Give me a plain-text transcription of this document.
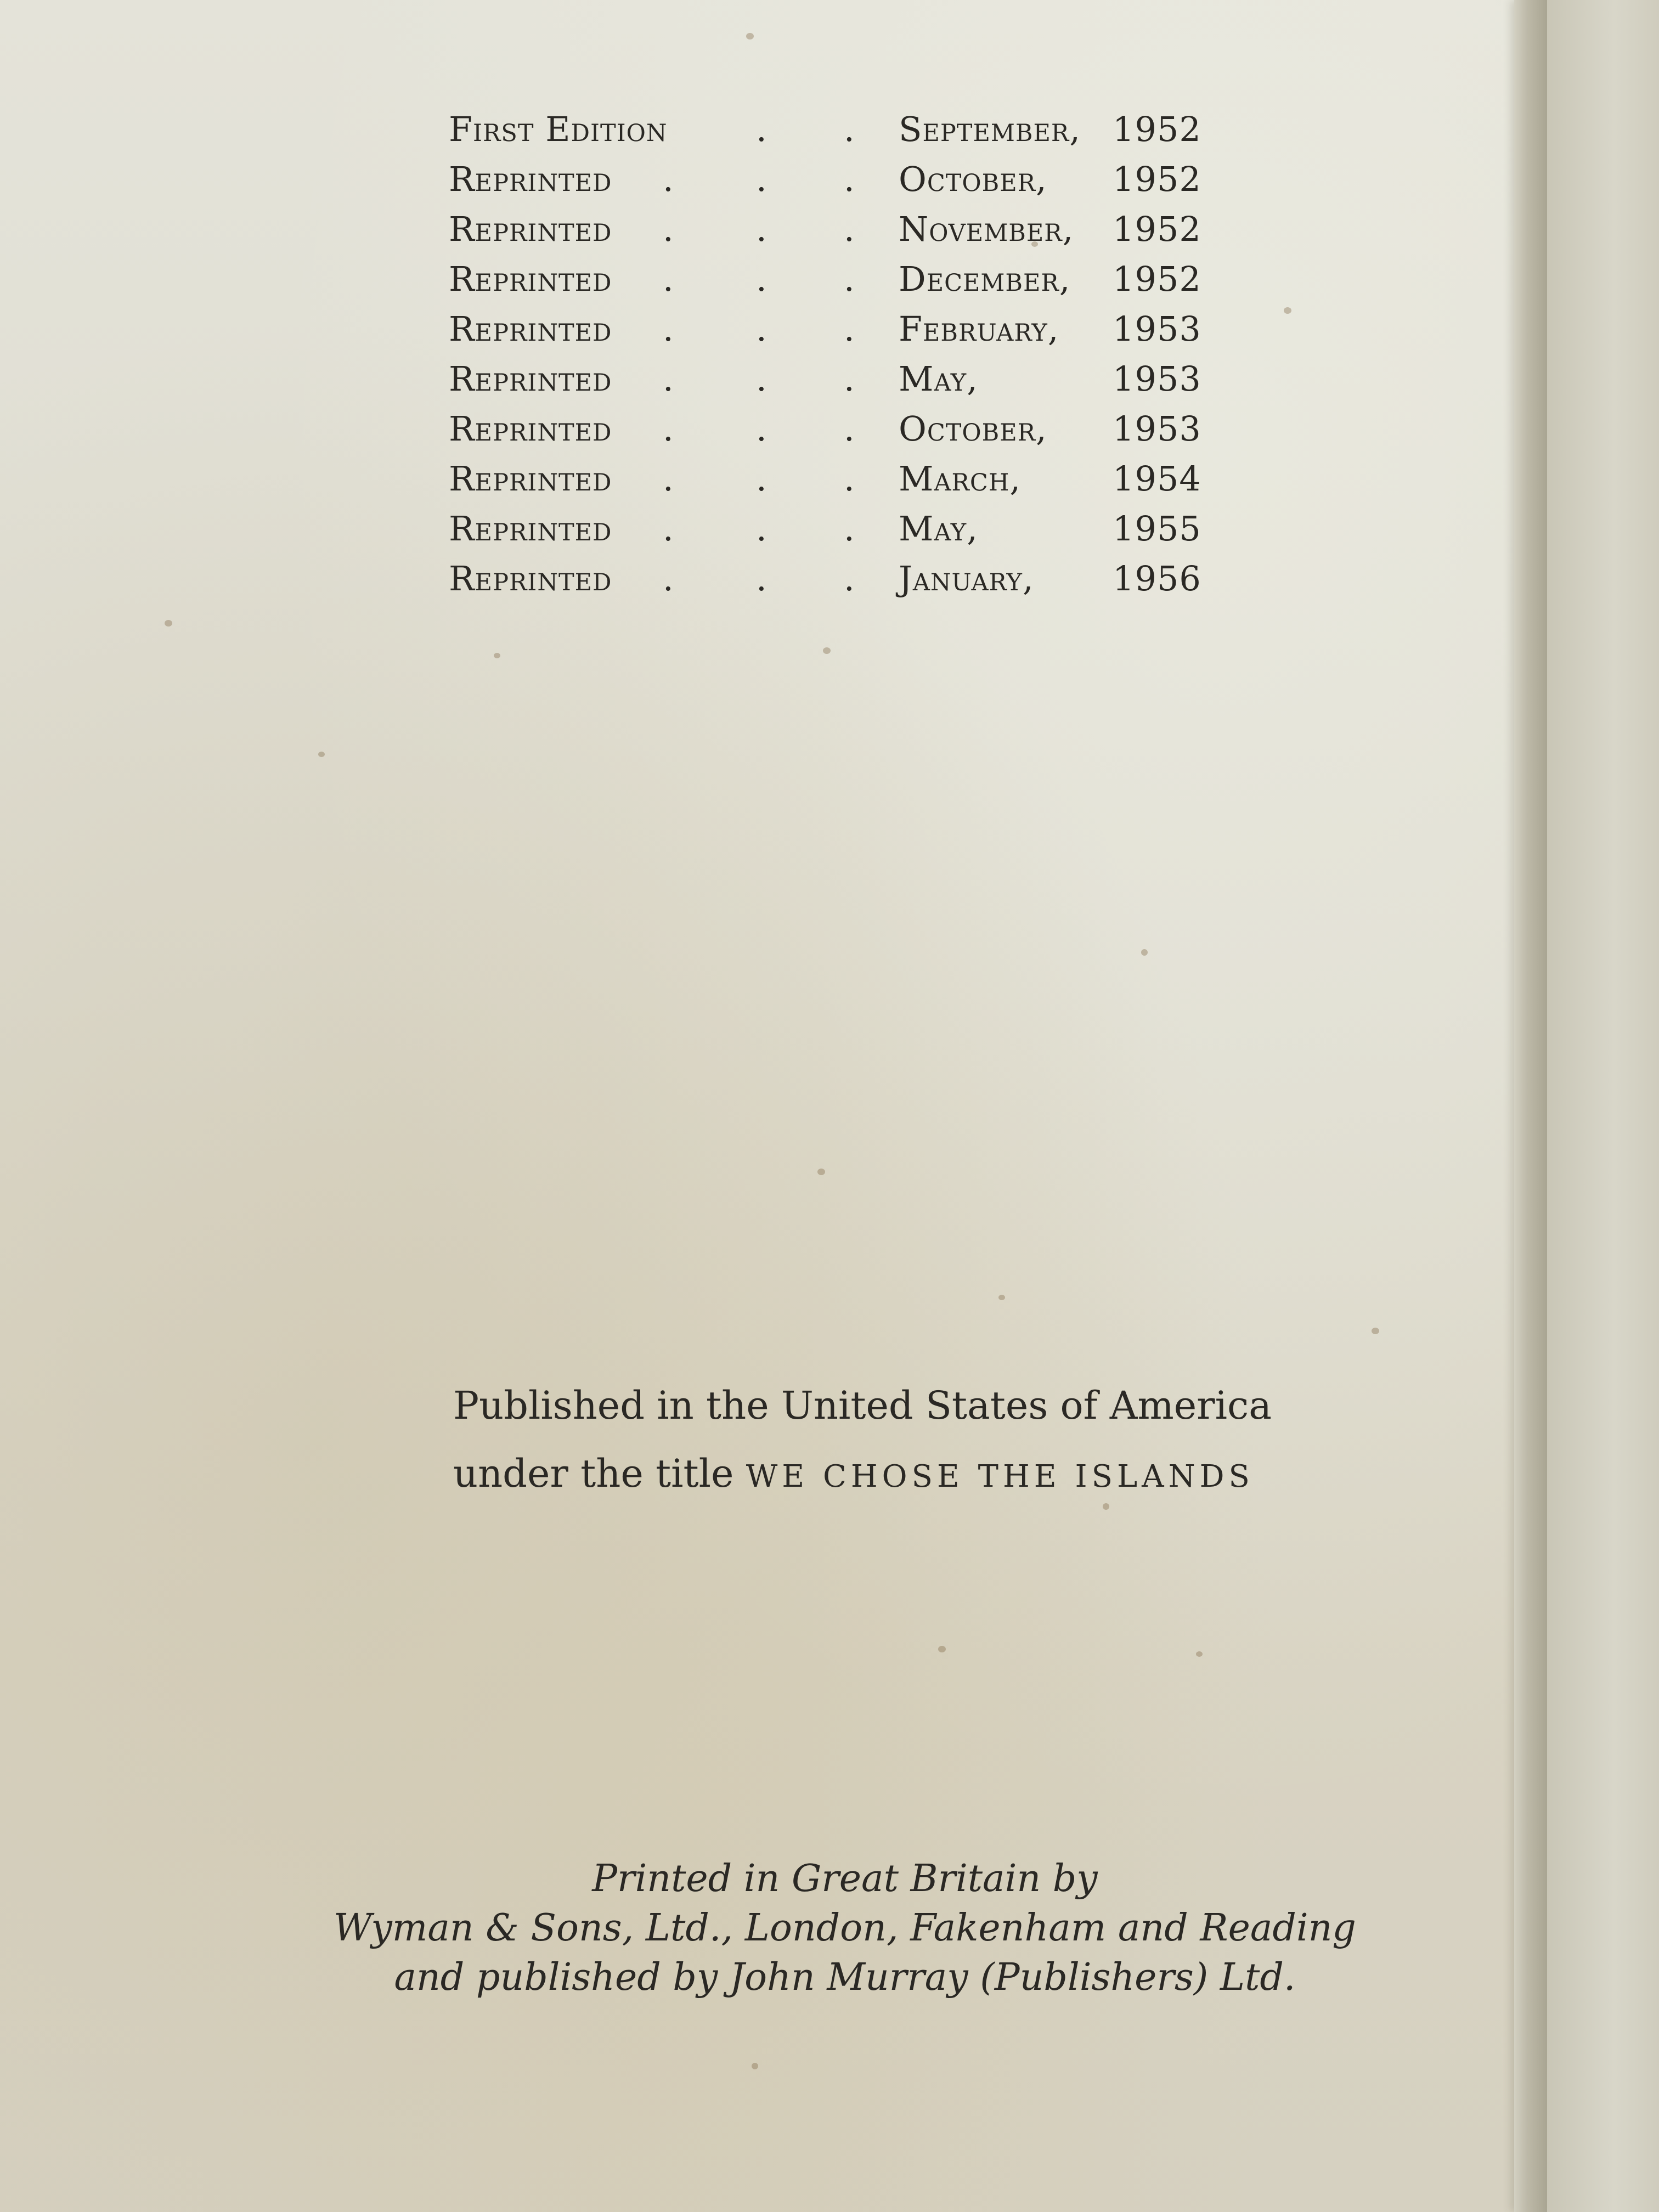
First Edition	. . September, 1952
Reprinted . . . October, 1952
Reprinted . . . November, 1952
Reprinted . . . December, 1952
Reprinted . . . February, 1953
Reprinted . . . May,	1953
Reprinted . . . October, 1953
Reprinted . . . March,	1954
Reprinted . . . May,	1955
Reprinted . . . January, 1956
Published in the United States of America
under the title WE CHOSE THE ISLANDS
Printed in Great Britain by
Wyman & Sons, Ltd., London, Fakenham and Reading
and published by John Murray (Publishers) Ltd.
